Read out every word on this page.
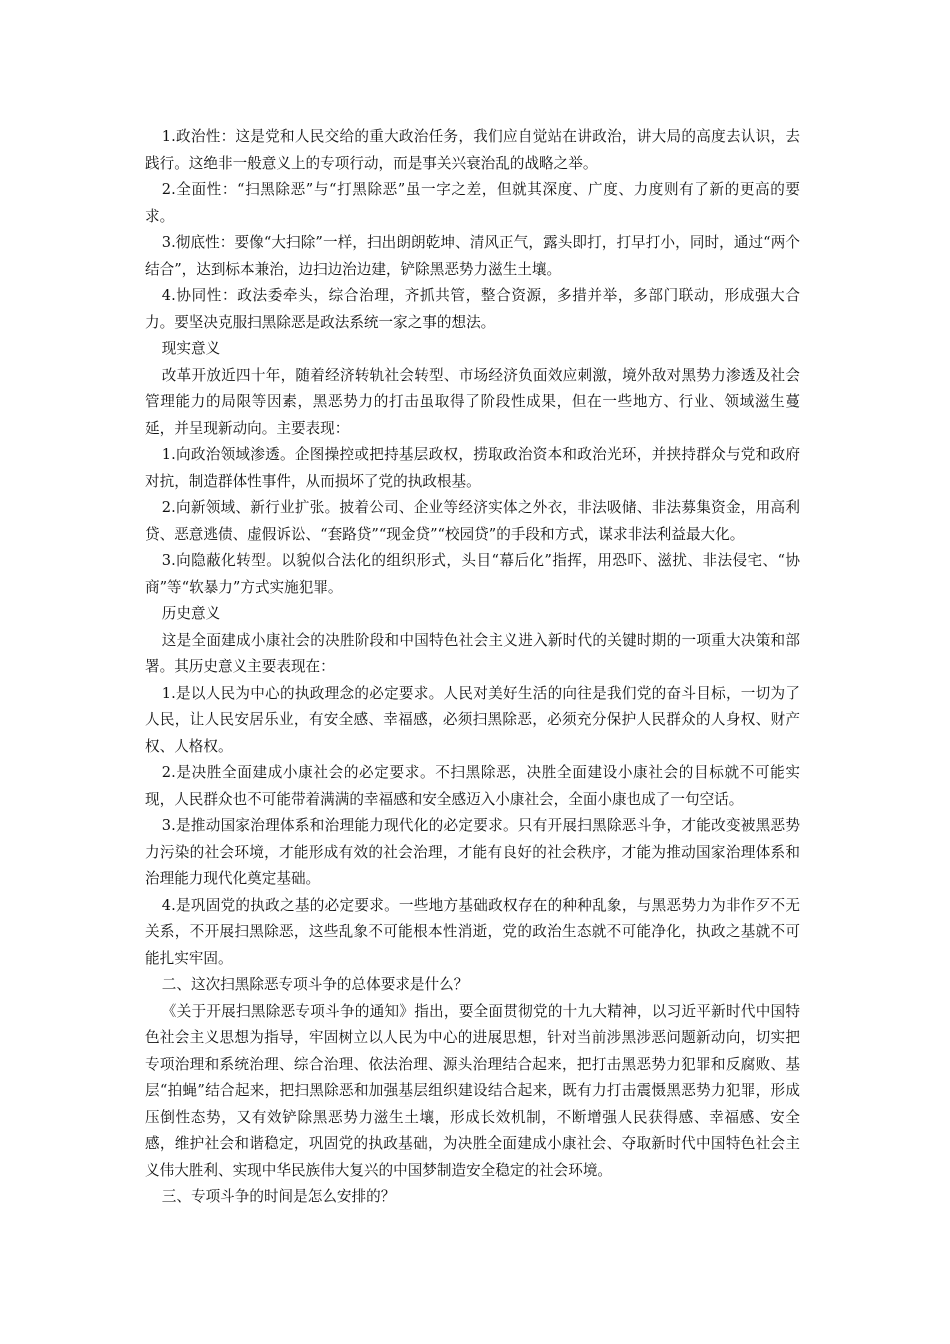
1.政治性：这是党和人民交给的重大政治任务，我们应自觉站在讲政治，讲大局的高度去认识，去践行。这绝非一般意义上的专项行动，而是事关兴衰治乱的战略之举。

2.全面性：“扫黑除恶”与“打黑除恶”虽一字之差，但就其深度、广度、力度则有了新的更高的要求。

3.彻底性：要像“大扫除”一样，扫出朗朗乾坤、清风正气，露头即打，打早打小，同时，通过“两个结合”，达到标本兼治，边扫边治边建，铲除黑恶势力滋生土壤。

4.协同性：政法委牵头，综合治理，齐抓共管，整合资源，多措并举，多部门联动，形成强大合力。要坚决克服扫黑除恶是政法系统一家之事的想法。

现实意义

改革开放近四十年，随着经济转轨社会转型、市场经济负面效应刺激，境外敌对黑势力渗透及社会管理能力的局限等因素，黑恶势力的打击虽取得了阶段性成果，但在一些地方、行业、领域滋生蔓延，并呈现新动向。主要表现：

1.向政治领域渗透。企图操控或把持基层政权，捞取政治资本和政治光环，并挟持群众与党和政府对抗，制造群体性事件，从而损坏了党的执政根基。

2.向新领域、新行业扩张。披着公司、企业等经济实体之外衣，非法吸储、非法募集资金，用高利贷、恶意逃债、虚假诉讼、“套路贷”“现金贷”“校园贷”的手段和方式，谋求非法利益最大化。

3.向隐蔽化转型。以貌似合法化的组织形式，头目“幕后化”指挥，用恐吓、滋扰、非法侵宅、“协商”等“软暴力”方式实施犯罪。

历史意义

这是全面建成小康社会的决胜阶段和中国特色社会主义进入新时代的关键时期的一项重大决策和部署。其历史意义主要表现在：

1.是以人民为中心的执政理念的必定要求。人民对美好生活的向往是我们党的奋斗目标，一切为了人民，让人民安居乐业，有安全感、幸福感，必须扫黑除恶，必须充分保护人民群众的人身权、财产权、人格权。

2.是决胜全面建成小康社会的必定要求。不扫黑除恶，决胜全面建设小康社会的目标就不可能实现，人民群众也不可能带着满满的幸福感和安全感迈入小康社会，全面小康也成了一句空话。

3.是推动国家治理体系和治理能力现代化的必定要求。只有开展扫黑除恶斗争，才能改变被黑恶势力污染的社会环境，才能形成有效的社会治理，才能有良好的社会秩序，才能为推动国家治理体系和治理能力现代化奠定基础。

4.是巩固党的执政之基的必定要求。一些地方基础政权存在的种种乱象，与黑恶势力为非作歹不无关系，不开展扫黑除恶，这些乱象不可能根本性消逝，党的政治生态就不可能净化，执政之基就不可能扎实牢固。

二、这次扫黑除恶专项斗争的总体要求是什么？

《关于开展扫黑除恶专项斗争的通知》指出，要全面贯彻党的十九大精神，以习近平新时代中国特色社会主义思想为指导，牢固树立以人民为中心的进展思想，针对当前涉黑涉恶问题新动向，切实把专项治理和系统治理、综合治理、依法治理、源头治理结合起来，把打击黑恶势力犯罪和反腐败、基层“拍蝇”结合起来，把扫黑除恶和加强基层组织建设结合起来，既有力打击震慑黑恶势力犯罪，形成压倒性态势，又有效铲除黑恶势力滋生土壤，形成长效机制，不断增强人民获得感、幸福感、安全感，维护社会和谐稳定，巩固党的执政基础，为决胜全面建成小康社会、夺取新时代中国特色社会主义伟大胜利、实现中华民族伟大复兴的中国梦制造安全稳定的社会环境。

三、专项斗争的时间是怎么安排的？
